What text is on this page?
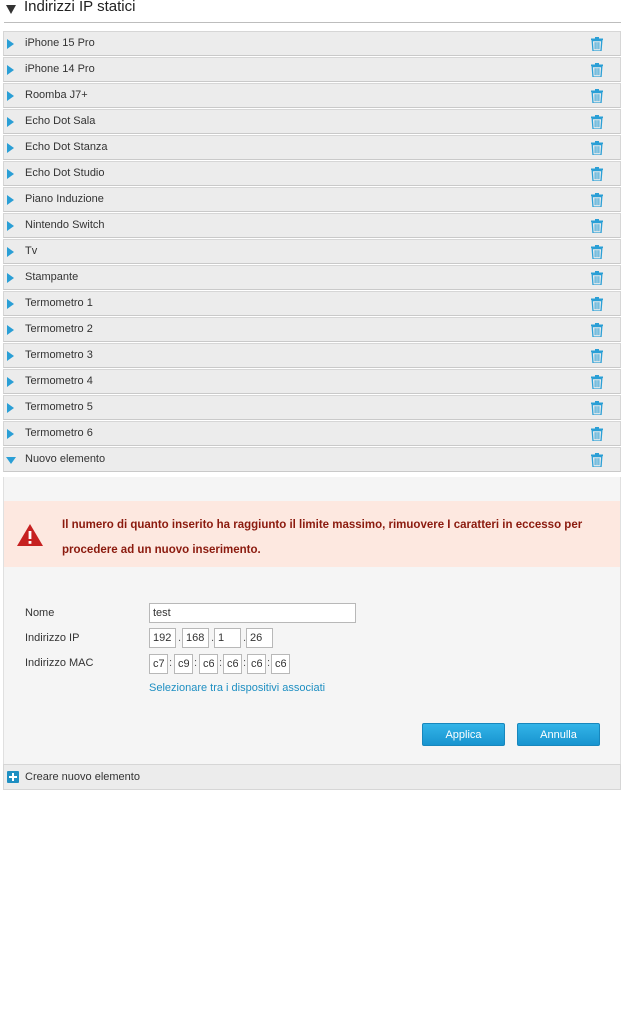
Indirizzi IP statici
iPhone 15 Pro
iPhone 14 Pro
Roomba J7+
Echo Dot Sala
Echo Dot Stanza
Echo Dot Studio
Piano Induzione
Nintendo Switch
Tv
Stampante
Termometro 1
Termometro 2
Termometro 3
Termometro 4
Termometro 5
Termometro 6
Nuovo elemento
Il numero di quanto inserito ha raggiunto il limite massimo, rimuovere I caratteri in eccesso per procedere ad un nuovo inserimento.
Nome
test
Indirizzo IP
192	.
168	.
1	.
26
Indirizzo MAC
c7	:
c9 :
c6 :
c6 :
c6 :
c6
Selezionare tra i dispositivi associati
Applica	Annulla
Creare nuovo elemento
